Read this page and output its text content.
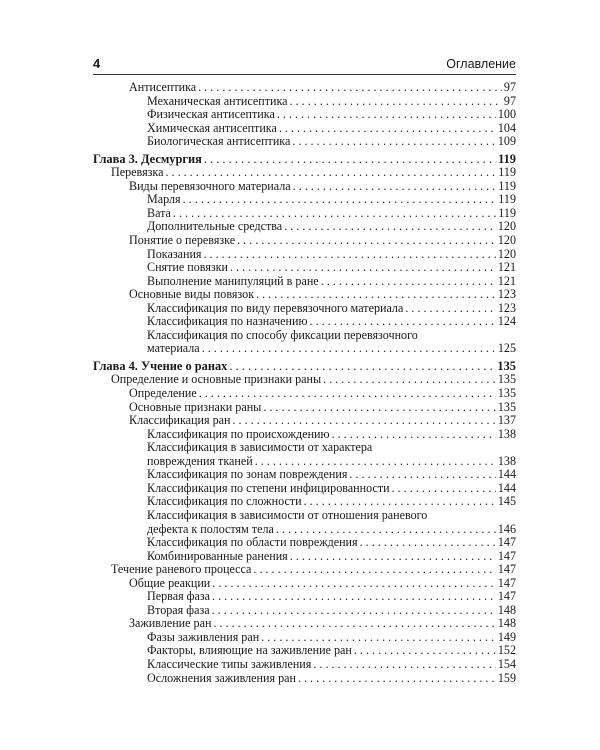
4	Оглавление
Антисептика . . .	97
Механическая антисептика . . .	97
Физическая антисептика . . .	100
Химическая антисептика . . .	104
Биологическая антисептика . . .	109
Глава 3. Десмургия . . .	119
Перевязка . . .	119
Виды перевязочного материала . . .	119
Марля . . .	119
Вата . . .	119
Дополнительные средства . . .	120
Понятие о перевязке . . .	120
Показания . . .	120
Снятие повязки . . .	121
Выполнение манипуляций в ране . . .	121
Основные виды повязок . . .	123
Классификация по виду перевязочного материала . . .	123
Классификация по назначению . . .	124
Классификация по способу фиксации перевязочного
материала . . .	125
Глава 4. Учение о ранах . . .	135
Определение и основные признаки раны . . .	135
Определение . . .	135
Основные признаки раны . . .	135
Классификация ран . . .	137
Классификация по происхождению . . .	138
Классификация в зависимости от характера
повреждения тканей . . .	138
Классификация по зонам повреждения . . .	144
Классификация по степени инфицированности . . .	144
Классификация по сложности . . .	145
Классификация в зависимости от отношения раневого
дефекта к полостям тела . . .	146
Классификация по области повреждения . . .	147
Комбинированные ранения . . .	147
Течение раневого процесса . . .	147
Общие реакции . . .	147
Первая фаза . . .	147
Вторая фаза . . .	148
Заживление ран . . .	148
Фазы заживления ран . . .	149
Факторы, влияющие на заживление ран . . .	152
Классические типы заживления . . .	154
Осложнения заживления ран . . .	159
